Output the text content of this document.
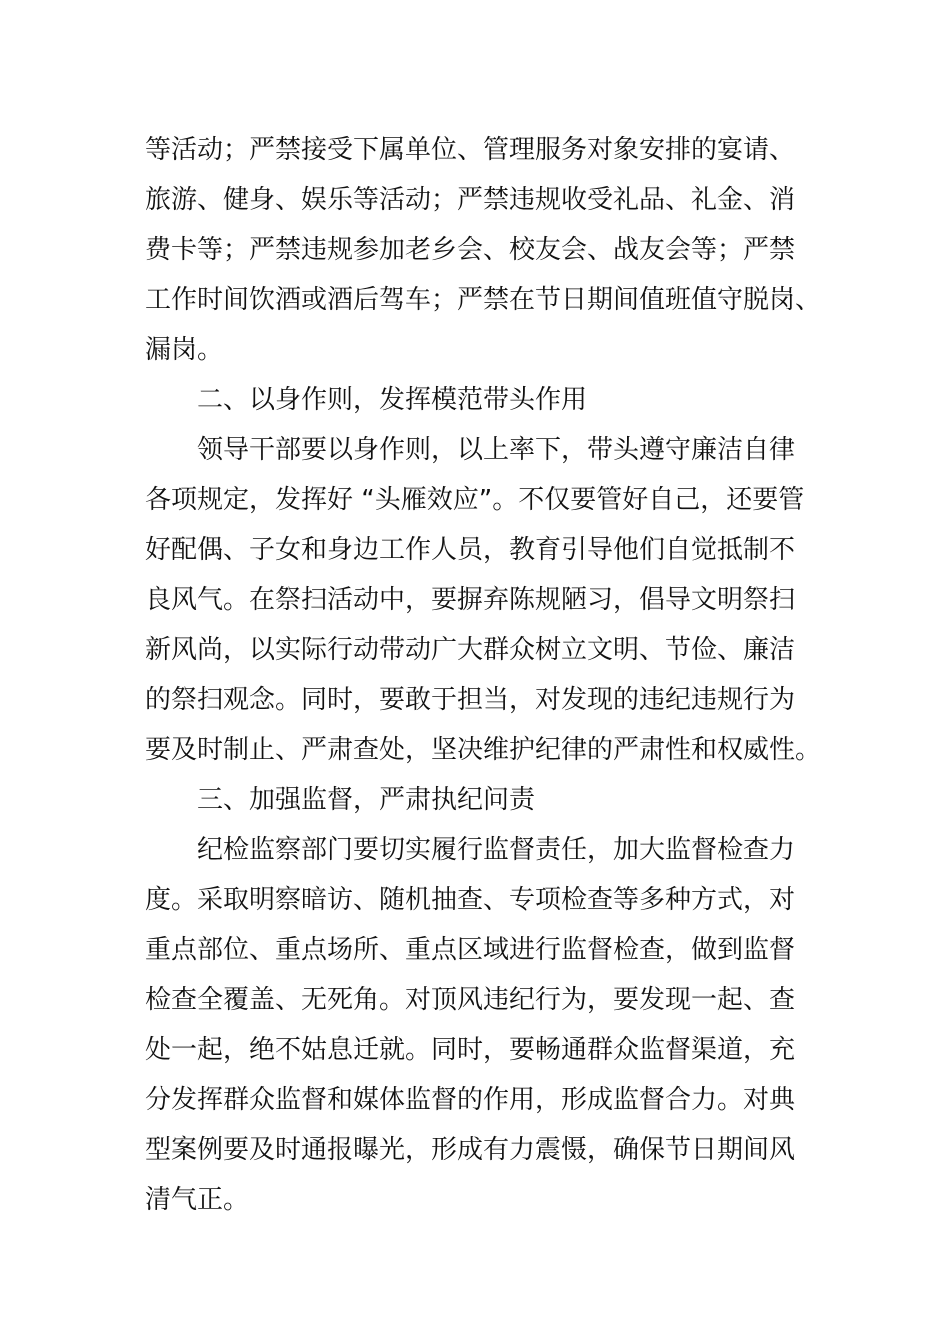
等活动；严禁接受下属单位、管理服务对象安排的宴请、
旅游、健身、娱乐等活动；严禁违规收受礼品、礼金、消
费卡等；严禁违规参加老乡会、校友会、战友会等；严禁
工作时间饮酒或酒后驾车；严禁在节日期间值班值守脱岗、
漏岗。
二、以身作则，发挥模范带头作用
领导干部要以身作则，以上率下，带头遵守廉洁自律
各项规定，发挥好 “头雁效应”。不仅要管好自己，还要管
好配偶、子女和身边工作人员，教育引导他们自觉抵制不
良风气。在祭扫活动中，要摒弃陈规陋习，倡导文明祭扫
新风尚，以实际行动带动广大群众树立文明、节俭、廉洁
的祭扫观念。同时，要敢于担当，对发现的违纪违规行为
要及时制止、严肃查处，坚决维护纪律的严肃性和权威性。
三、加强监督，严肃执纪问责
纪检监察部门要切实履行监督责任，加大监督检查力
度。采取明察暗访、随机抽查、专项检查等多种方式，对
重点部位、重点场所、重点区域进行监督检查，做到监督
检查全覆盖、无死角。对顶风违纪行为，要发现一起、查
处一起，绝不姑息迁就。同时，要畅通群众监督渠道，充
分发挥群众监督和媒体监督的作用，形成监督合力。对典
型案例要及时通报曝光，形成有力震慑，确保节日期间风
清气正。
